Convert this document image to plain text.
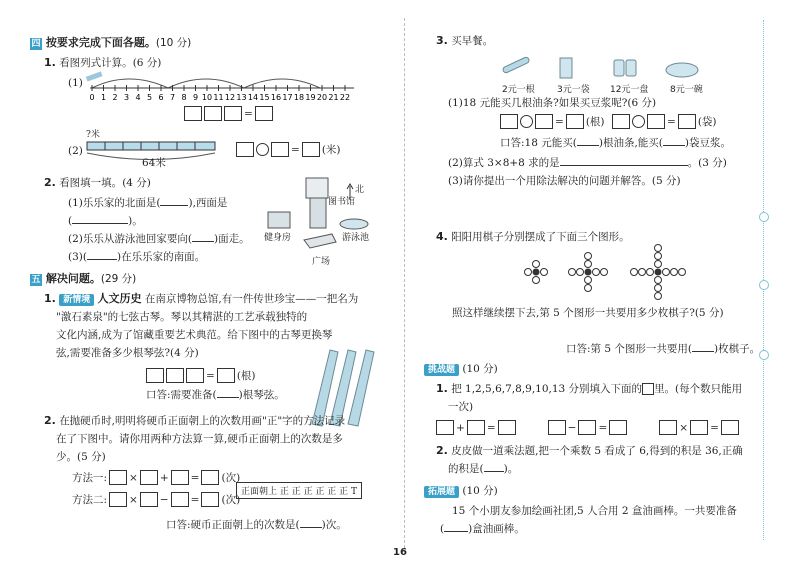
四 按要求完成下面各题。(10 分)
1. 看图列式计算。(6 分)
(1)
0 1 2 3 4 5 6 7 8 9 10 11 12 13 14 15 16 17 18 19 20 21 22
=
?米
(2)
64米
= (米)
2. 看图填一填。(4 分)
(1)乐乐家的北面是(	),西面是
(	)。
(2)乐乐从游泳池回家要向( )面走。
(3)(	)在乐乐家的南面。
图书馆
北
健身房	游泳池
广场
五 解决问题。(29 分)
1. 新情境 人文历史 在南京博物总馆,有一件传世珍宝——一把名为
"激石素泉"的七弦古琴。琴以其精湛的工艺承载独特的
文化内涵,成为了馆藏重要艺术典范。给下图中的古琴更换琴
弦,需要准备多少根琴弦?(4 分)
= (根)
口答:需要准备( )根琴弦。
2. 在抛硬币时,明明将硬币正面朝上的次数用画"正"字的方法记录
在了下图中。请你用两种方法算一算,硬币正面朝上的次数是多
少。(5 分)
方法一: × + = (次)
方法二: × − = (次)
正面朝上 正 正 正 正 正 正 T
口答:硬币正面朝上的次数是( )次。
16
3. 买早餐。
2元一根 3元一袋 12元一盘 8元一碗
(1)18 元能买几根油条?如果买豆浆呢?(6 分)
= (根)	= (袋)
口答:18 元能买( )根油条,能买( )袋豆浆。
(2)算式 3×8+8 求的是	。(3 分)
(3)请你提出一个用除法解决的问题并解答。(5 分)
4. 阳阳用棋子分别摆成了下面三个图形。
照这样继续摆下去,第 5 个图形一共要用多少枚棋子?(5 分)
口答:第 5 个图形一共要用( )枚棋子。
挑战题 (10 分)
1. 把 1,2,5,6,7,8,9,10,13 分别填入下面的 里。(每个数只能用
一次)
+ =	− =	× =
2. 皮皮做一道乘法题,把一个乘数 5 看成了 6,得到的积是 36,正确
的积是( )。
拓展题 (10 分)
15 个小朋友参加绘画社团,5 人合用 2 盒油画棒。一共要准备
( )盒油画棒。
